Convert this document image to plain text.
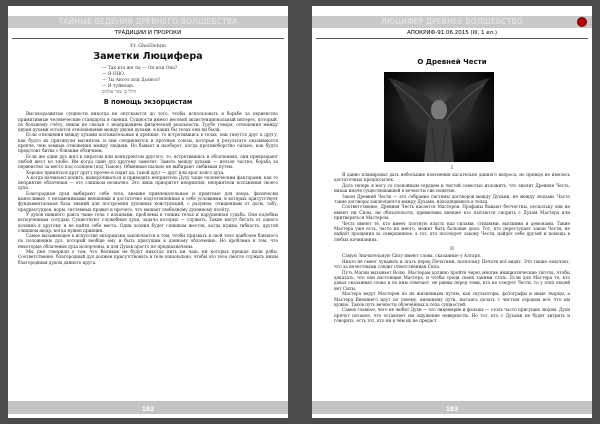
ТАЙНЫЕ ВЕДЕНИЯ ДРЕВНЕГО ВОЛШЕБСТВА
ТРАДИЦИИ И ПРОРОКИ
Fr. GhoIDohim
Заметки Люцифера
— Так кто же ты — Он или Она?
— Я ОНО.
— Ты Ангел или Дьявол?
— Я чуйвоще.
הילל בן שחר אלהים
В помощь экзорцистам

Высокоразвитые сущности никогда не опускаются до того, чтобы использовать в борьбе за первенство примитивные человеческие стандарты и оценки. Сущности имеют весовой экзистенциональный интерес, который, по большому счёту, никак не связан с недержанием физической реальности. Грубо говоря, отношения между двумя духами остаются отношениями между двумя духами, в каких бы телах они ни были.

Если отношения между духами положительные и крепкие, то встретившись в телах, они тянутся друг к другу, как будто их притянули магнитом, и они соединяются в прочные союзы, которые в результате оказываются крепче, чем земные отношения между людьми. Но бывает и наоборот, когда противоборство сильно, как будто предстоит битва с близким обличием.

Если же один дух жил в пиратом или конкурентом другого, то, встретившись в облачениях, они превращают любой жест ко злобе. Им когда один дух другому заметит. Заметь между духами — нельзя частно, борьба за первенство за место под солнцем (под Тьмою). Обменные пыльно не выбирают любимым путем.

Хорошо приняться друг другу прочее в сидит да, такой друг — друг или враг конго духа.

А когда начинают копить, выворачиваться и приводить неприятель Духу чаще человеческим факторами, как то неприятие облачения — это слишком незначно. Это лишь приоритет неприятия, неприятели положения своего духа.

Благородные духи выбирают себе тела, внешне привлекательные и приятные для взора, физически выносливые, с незаменимыми внешними и достаточно подготовленные к себе условиями, в которых присутствует фундаментальная база знаний для построения духовных конструкций, с разумом, очищенным от догм, табу, предрассудков, норм, системных правил и прочего, что мешает свободному духовному полёту.

У духов нижнего ранга чаще тела с изъянами, проблемы в тонких телах и нарушенная судьба. Они подобны испорченным сосудам. Существуют служебные духи, задача которых — служить. Такие могут бегать от одного хозяина к другому и не найти себе места. Один хозяин будет слишком жесток, когда нужна гибкость, другой слишком щедр, когда нужен принцип.

Самое вызывающее в искусстве экзорцизма заключается в том, чтобы призвать в свой тело наиболее близкого по положению дух, который вообще ему и быть присущим к данному облачению. Но проблема в том, что некоторые облачения духа испорчены, и для Духов просто не предназначены.

Мы уже говорили о том, что Великие не будут никогда пить ни чаш, ни которых прежде пили рабы. Соответственно, благородный дух должен присутствовать в теле изначально, чтобы это тело смогло служить иным благородным духом данного круга.

182
ЛЮЦИФЕР ДРЕВНЕЕ ВОЛШЕБСТВО
АПОКРИФ-91.06.2015 (III, 1 ел.)
О Древней Чести
I

Я давно планировал дать небольшие пояснения касательно данного вопроса, но прежде не имелось достаточных предпосылок.

Дата теперь я могу со спокойным сердцем и чистой совестью изложить, что значит Древняя Честь, никак иначе существовавшей в вечности сие понятие.

Закон Древней Чести — это собрание системы договоров между Духами, не между людьми. Часто такие договоры заключаются между Духами, находящимися в телах.

Соответственно, Древняя Честь касается Мастеров. Профаны бывают бесчестны, поскольку они не имеют ни Силы, ни обязательств, примитивы внешне кто пытаются спорить с Духом Мастера или притворяться Мастером.

Честь имеют те, кто имеет плотную власть над силами, стихиями, высшими и демонами. Такие Мастера уже есть, часто их много, может быть большие дела. Тот, кто переступает закон Чести, не найдёт прощения за совершенное, а тот, кто последует закону Чести, найдёт себе друзей и помощь в любых начинаниях.

II

Самую Значительную Силу имеют слова, сказанные у Алтаря.

Никто не смеет лукавить и лгать перед Печатями, поскольку Печати всё видят. Это также означает, что за нечестными следит ответственная Сила.

Путь Магии вызывает Волю. Мастерам должно пройти через многие инициатические тяготы, чтобы доказать, что они настоящие Мастера, и чтобы среди своих такими стать. Если для Мастера те, кто давал сказанные слова и по ним отвечает, не равны перед теми, кто не следует Чести, то у этих людей нет Силы.

Мастера ведут Мастеров по их жизненным путям, как скульпторы, фотографы и иные творцы, а Мастера Внешнего идут по своему, внешнему пути, пытаясь делать с чистым сердцем всё, что им нужно. Таков путь вечности облечённых в тела сущностей.

Самое главное, чего не любят Духи — это лицемерие и фальшь — столь часто присущих людям. Духи прячут поганое, что оставляет им ощущение неверности. Но тот, кто с Духами не будет хитрить и говорить, есть тот, кто ни в чём их не предаст.

183
